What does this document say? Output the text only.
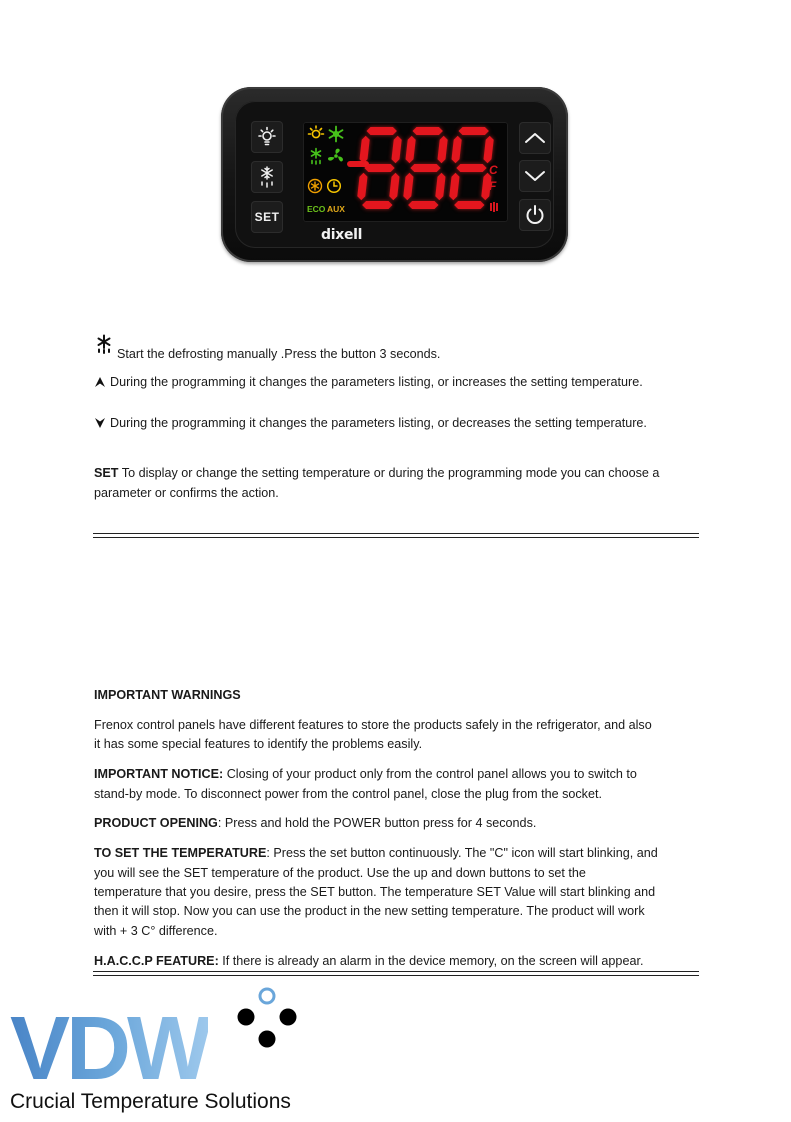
SET
ECO AUX
C
F
dixell
Start the defrosting manually .Press the button 3 seconds.
During the programming it changes the parameters listing, or increases the setting temperature.
During the programming it changes the parameters listing, or decreases the setting temperature.
SET To display or change the setting temperature or during the programming mode you can choose a
parameter or confirms the action.
IMPORTANT WARNINGS
Frenox control panels have different features to store the products safely in the refrigerator, and also
it has some special features to identify the problems easily.
IMPORTANT NOTICE: Closing of your product only from the control panel allows you to switch to
stand-by mode. To disconnect power from the control panel, close the plug from the socket.
PRODUCT OPENING: Press and hold the POWER button press for 4 seconds.
TO SET THE TEMPERATURE: Press the set button continuously. The "C" icon will start blinking, and
you will see the SET temperature of the product. Use the up and down buttons to set the
temperature that you desire, press the SET button. The temperature SET Value will start blinking and
then it will stop. Now you can use the product in the new setting temperature. The product will work
with + 3 C° difference.
H.A.C.C.P FEATURE: If there is already an alarm in the device memory, on the screen will appear.
VDW
Crucial Temperature Solutions
